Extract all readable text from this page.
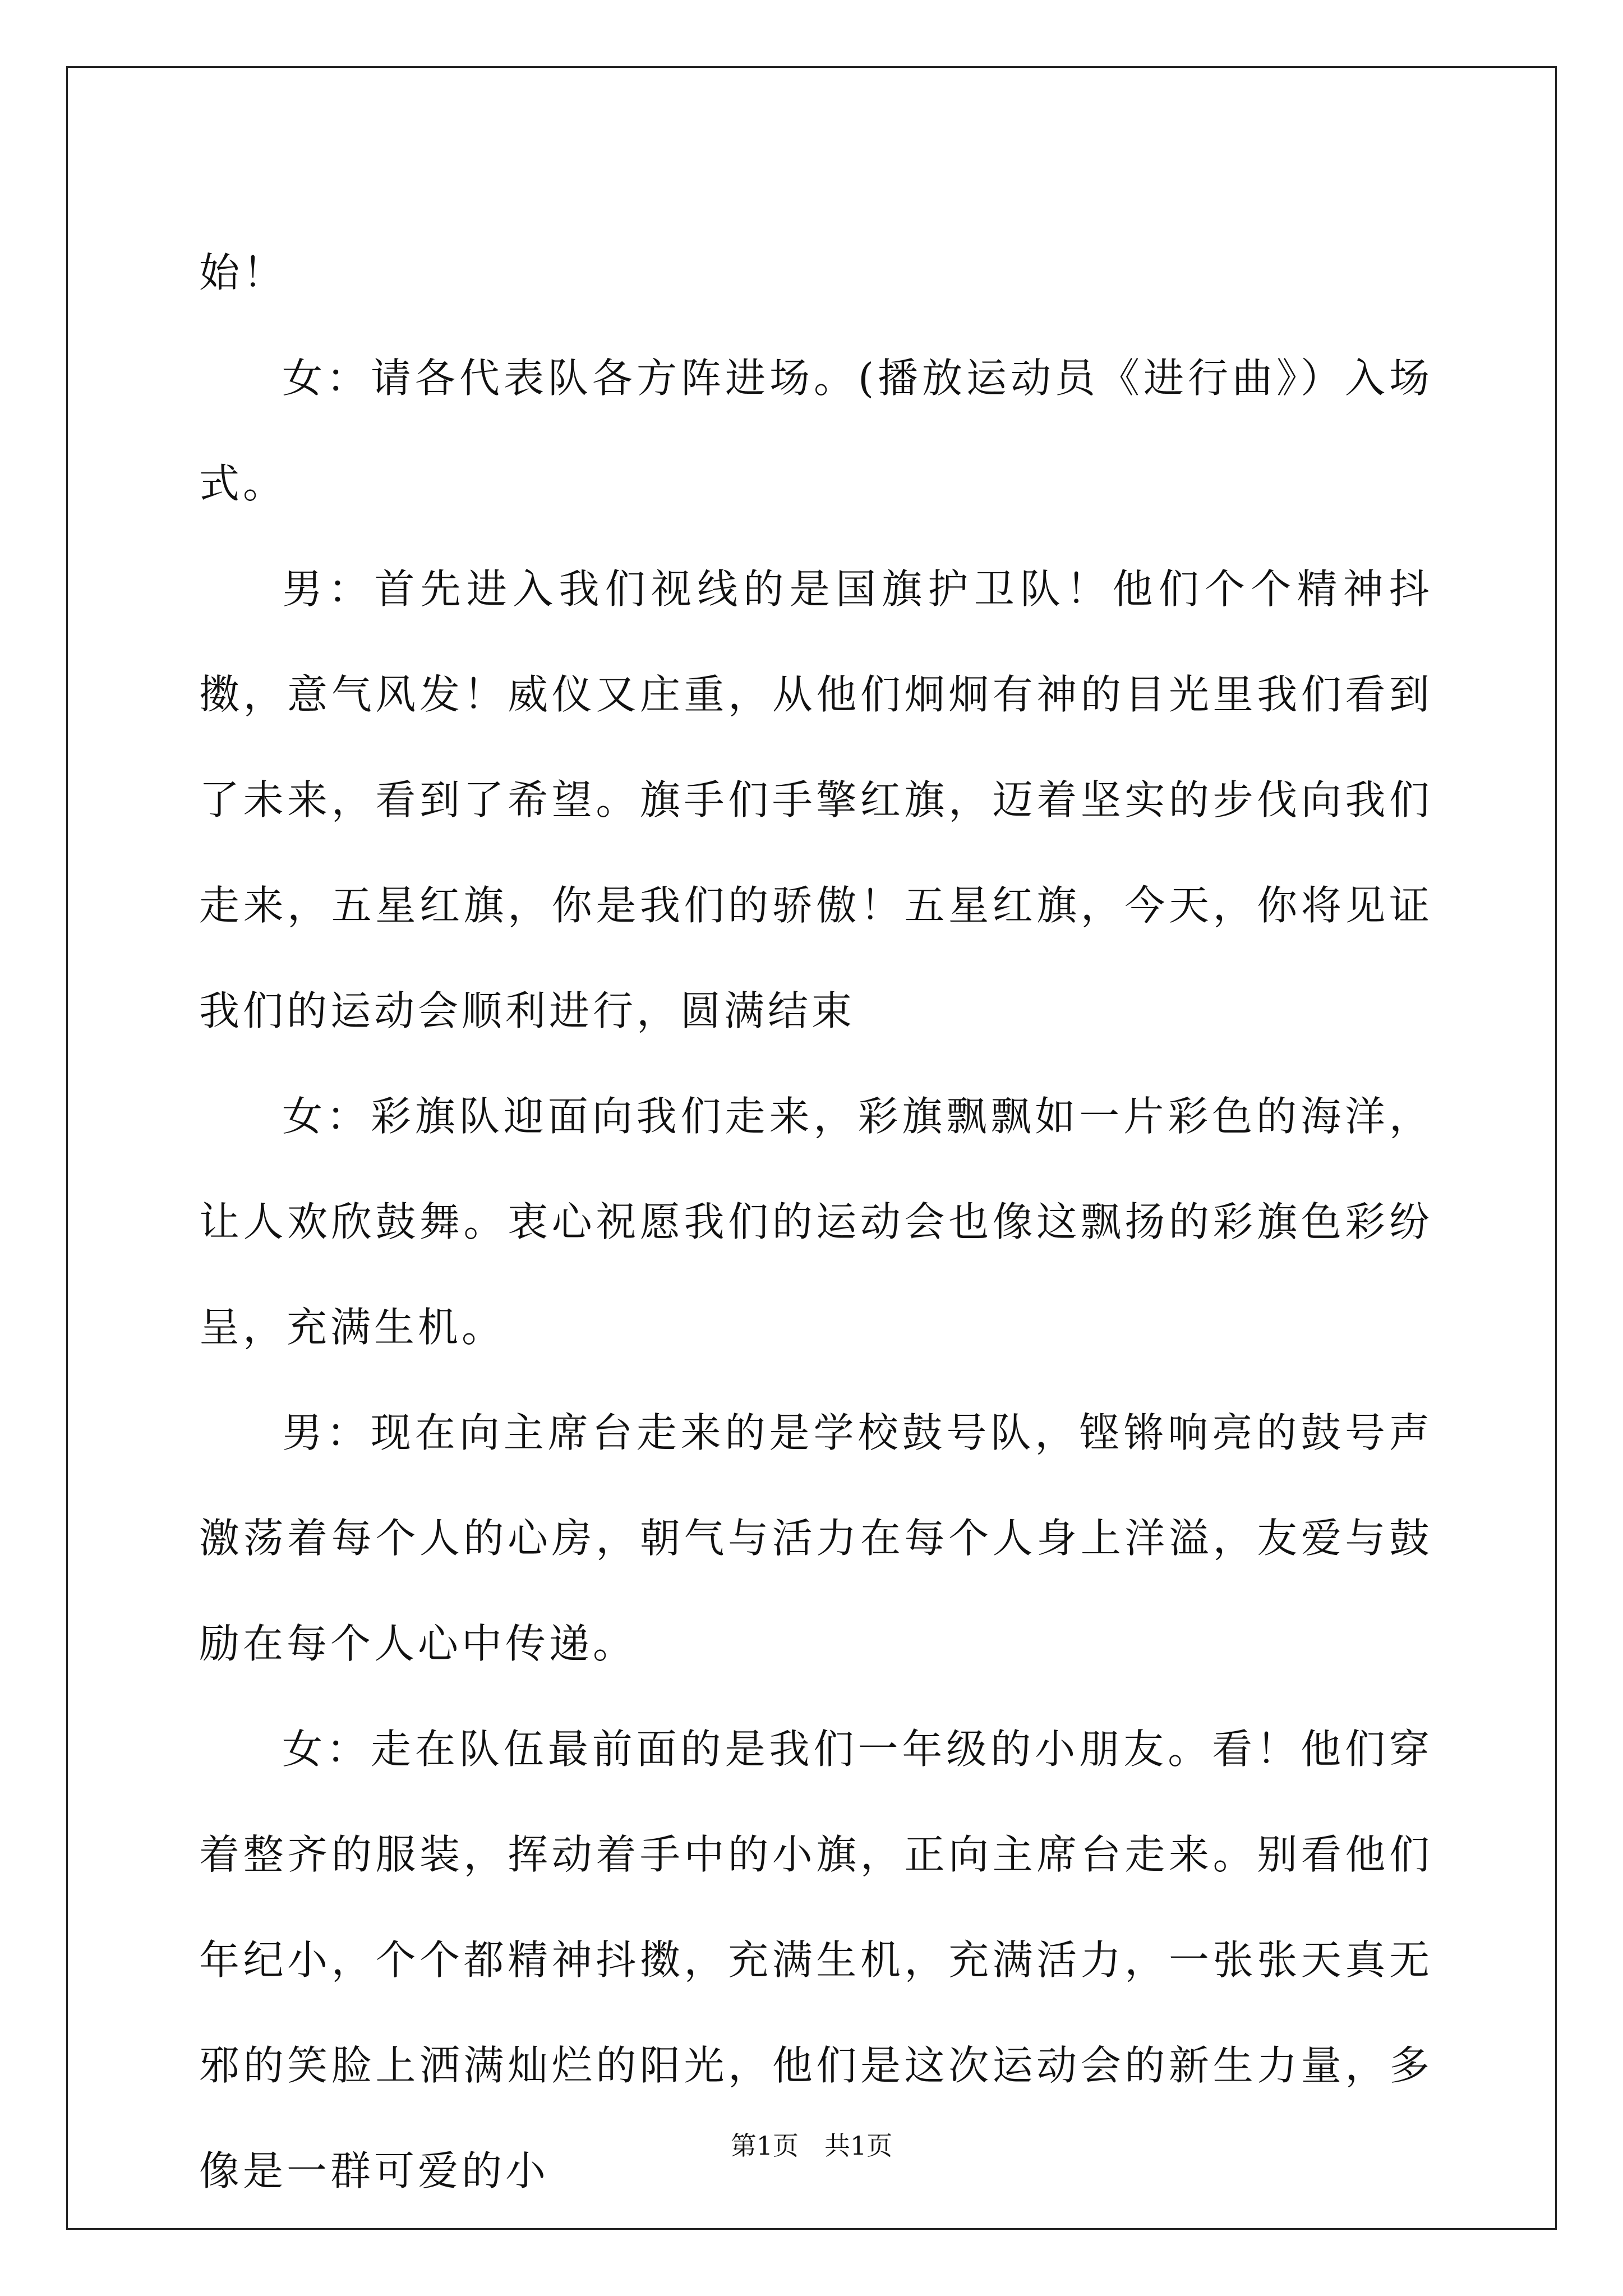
始！

女：请各代表队各方阵进场。(播放运动员《进行曲》）入场式。

男：首先进入我们视线的是国旗护卫队！他们个个精神抖擞，意气风发！威仪又庄重，从他们炯炯有神的目光里我们看到了未来，看到了希望。旗手们手擎红旗，迈着坚实的步伐向我们走来，五星红旗，你是我们的骄傲！五星红旗，今天，你将见证我们的运动会顺利进行，圆满结束

女：彩旗队迎面向我们走来，彩旗飘飘如一片彩色的海洋，让人欢欣鼓舞。衷心祝愿我们的运动会也像这飘扬的彩旗色彩纷呈，充满生机。

男：现在向主席台走来的是学校鼓号队，铿锵响亮的鼓号声激荡着每个人的心房，朝气与活力在每个人身上洋溢，友爱与鼓励在每个人心中传递。

女：走在队伍最前面的是我们一年级的小朋友。看！他们穿着整齐的服装，挥动着手中的小旗，正向主席台走来。别看他们年纪小，个个都精神抖擞，充满生机，充满活力，一张张天真无邪的笑脸上洒满灿烂的阳光，他们是这次运动会的新生力量，多像是一群可爱的小

第1页 共1页
